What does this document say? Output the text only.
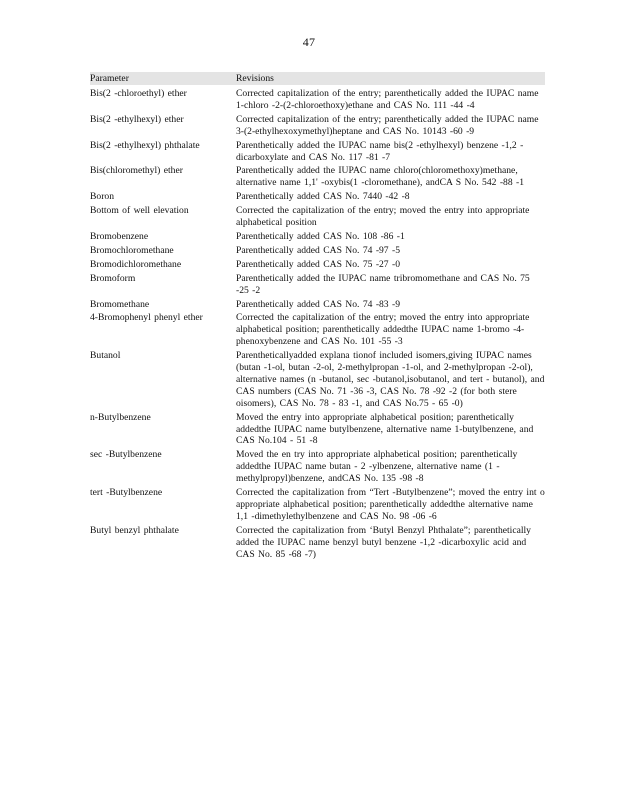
47
Parameter	Revisions
Bis(2 -chloroethyl) ether	Corrected capitalization of the entry; parenthetically added the IUPAC name 1-chloro -2-(2-chloroethoxy)ethane and CAS No. 111 -44 -4
Bis(2 -ethylhexyl) ether	Corrected capitalization of the entry; parenthetically added the IUPAC name 3-(2-ethylhexoxymethyl)heptane and CAS No. 10143 -60 -9
Bis(2 -ethylhexyl) phthalate	Parenthetically added the IUPAC name bis(2 -ethylhexyl) benzene -1,2 -dicarboxylate and CAS No. 117 -81 -7
Bis(chloromethyl) ether	Parenthetically added the IUPAC name chloro(chloromethoxy)methane, alternative name 1,1' -oxybis(1 -cloromethane), andCA S No. 542 -88 -1
Boron	Parenthetically added CAS No. 7440 -42 -8
Bottom of well elevation	Corrected the capitalization of the entry; moved the entry into appropriate alphabetical position
Bromobenzene	Parenthetically added CAS No. 108 -86 -1
Bromochloromethane	Parenthetically added CAS No. 74 -97 -5
Bromodichloromethane	Parenthetically added CAS No. 75 -27 -0
Bromoform	Parenthetically added the IUPAC name tribromomethane and CAS No. 75 -25 -2
Bromomethane	Parenthetically added CAS No. 74 -83 -9
4-Bromophenyl phenyl ether	Corrected the capitalization of the entry; moved the entry into appropriate alphabetical position; parenthetically addedthe IUPAC name 1-bromo -4-phenoxybenzene and CAS No. 101 -55 -3
Butanol	Parentheticallyadded explana tionof included isomers,giving IUPAC names (butan -1-ol, butan -2-ol, 2-methylpropan -1-ol, and 2-methylpropan -2-ol), alternative names (n -butanol, sec -butanol,isobutanol, and tert - butanol), and CAS numbers (CAS No. 71 -36 -3, CAS No. 78 -92 -2 (for both stere oisomers), CAS No. 78 - 83 -1, and CAS No.75 - 65 -0)
n-Butylbenzene	Moved the entry into appropriate alphabetical position; parenthetically addedthe IUPAC name butylbenzene, alternative name 1-butylbenzene, and CAS No.104 - 51 -8
sec -Butylbenzene	Moved the en try into appropriate alphabetical position; parenthetically addedthe IUPAC name butan - 2 -ylbenzene, alternative name (1 -methylpropyl)benzene, andCAS No. 135 -98 -8
tert -Butylbenzene	Corrected the capitalization from “Tert -Butylbenzene”; moved the entry int o appropriate alphabetical position; parenthetically addedthe alternative name 1,1 -dimethylethylbenzene and CAS No. 98 -06 -6
Butyl benzyl phthalate	Corrected the capitalization from ‘Butyl Benzyl Phthalate”; parenthetically added the IUPAC name benzyl butyl benzene -1,2 -dicarboxylic acid and CAS No. 85 -68 -7)
